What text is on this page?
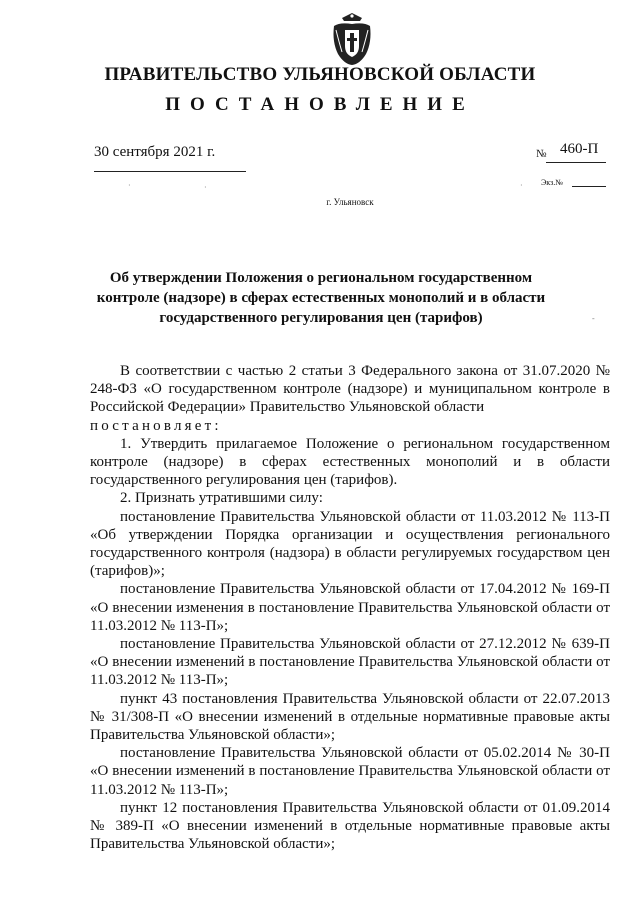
ПРАВИТЕЛЬСТВО УЛЬЯНОВСКОЙ ОБЛАСТИ
ПОСТАНОВЛЕНИЕ
30 сентября 2021 г.	№ 460-П
Экз.№
·	·	·
-
г. Ульяновск
Об утверждении Положения о региональном государственном контроле (надзоре) в сферах естественных монополий и в области государственного регулирования цен (тарифов)

В соответствии с частью 2 статьи 3 Федерального закона от 31.07.2020 № 248-ФЗ «О государственном контроле (надзоре) и муниципальном контроле в Российской Федерации» Правительство Ульяновской области
постановляет:

1. Утвердить прилагаемое Положение о региональном государственном контроле (надзоре) в сферах естественных монополий и в области государственного регулирования цен (тарифов).

2. Признать утратившими силу:

постановление Правительства Ульяновской области от 11.03.2012 № 113-П «Об утверждении Порядка организации и осуществления регионального государственного контроля (надзора) в области регулируемых государством цен (тарифов)»;

постановление Правительства Ульяновской области от 17.04.2012 № 169-П «О внесении изменения в постановление Правительства Ульяновской области от 11.03.2012 № 113-П»;

постановление Правительства Ульяновской области от 27.12.2012 № 639-П «О внесении изменений в постановление Правительства Ульяновской области от 11.03.2012 № 113-П»;

пункт 43 постановления Правительства Ульяновской области от 22.07.2013 № 31/308-П «О внесении изменений в отдельные нормативные правовые акты Правительства Ульяновской области»;

постановление Правительства Ульяновской области от 05.02.2014 № 30-П «О внесении изменений в постановление Правительства Ульяновской области от 11.03.2012 № 113-П»;

пункт 12 постановления Правительства Ульяновской области от 01.09.2014 № 389-П «О внесении изменений в отдельные нормативные правовые акты Правительства Ульяновской области»;
